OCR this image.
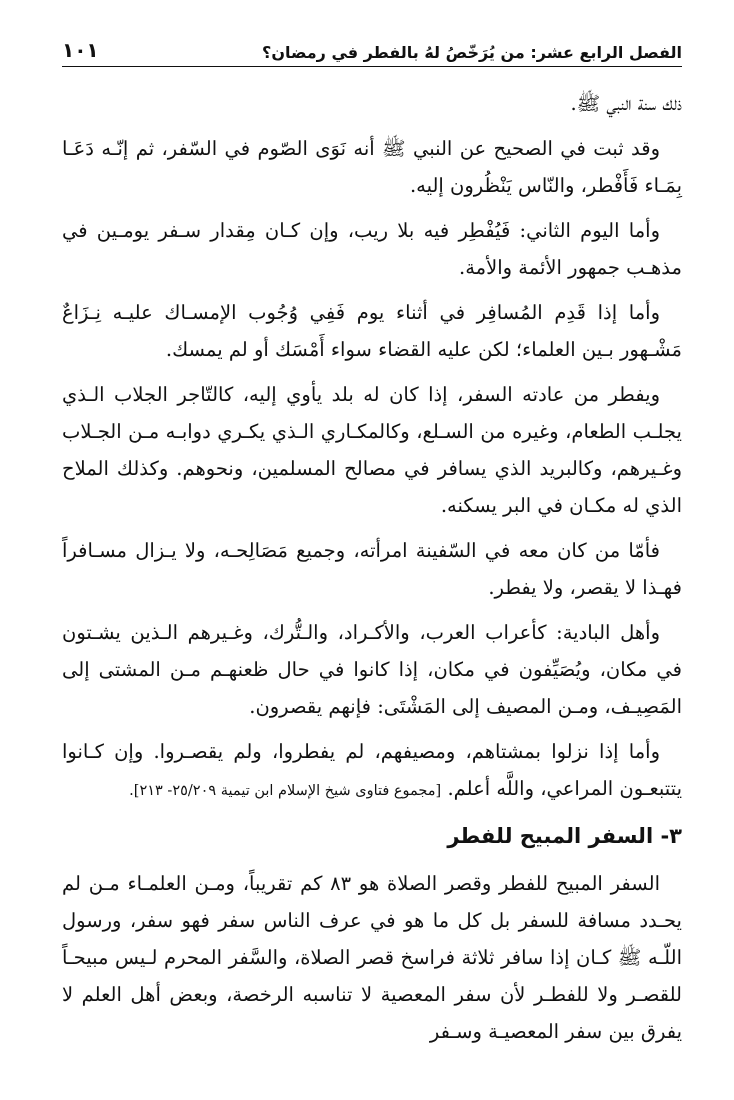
الفصل الرابع عشر: من يُرَخّصُ لهُ بالفطر في رمضان؟
١٠١

ذلك سنة النبي ﷺ.

وقد ثبت في الصحيح عن النبي ﷺ أنه نَوَى الصّوم في السّفر، ثم إنّـه دَعَـا بِمَـاء فَأَفْطر، والنّاس يَنْظُرون إليه.

وأما اليوم الثاني: فَيُفْطِر فيه بلا ريب، وإن كـان مِقدار سـفر يومـين في مذهـب جمهور الأئمة والأمة.

وأما إذا قَدِم المُسافِر في أثناء يوم فَفِي وُجُوب الإمسـاك عليـه نِـزَاعٌ مَشْـهور بـين العلماء؛ لكن عليه القضاء سواء أَمْسَك أو لم يمسك.

ويفطر من عادته السفر، إذا كان له بلد يأوي إليه، كالتّاجر الجلاب الـذي يجلـب الطعام، وغيره من السـلع، وكالمكـاري الـذي يكـري دوابـه مـن الجـلاب وغـيرهم، وكالبريد الذي يسافر في مصالح المسلمين، ونحوهم. وكذلك الملاح الذي له مكـان في البر يسكنه.

فأمّا من كان معه في السّفينة امرأته، وجميع مَصَالِحـه، ولا يـزال مسـافراً فهـذا لا يقصر، ولا يفطر.

وأهل البادية: كأعراب العرب، والأكـراد، والـتُّرك، وغـيرهم الـذين يشـتون في مكان، ويُصَيِّفون في مكان، إذا كانوا في حال ظعنهـم مـن المشتى إلى المَصِيـف، ومـن المصيف إلى المَشْتَى: فإنهم يقصرون.

وأما إذا نزلوا بمشتاهم، ومصيفهم، لم يفطروا، ولم يقصـروا. وإن كـانوا يتتبعـون المراعي، واللَّه أعلم. [مجموع فتاوى شيخ الإسلام ابن تيمية ٢٥/٢٠٩- ٢١٣].

٣- السفر المبيح للفطر

السفر المبيح للفطر وقصر الصلاة هو ٨٣ كم تقريباً، ومـن العلمـاء مـن لم يحـدد مسافة للسفر بل كل ما هو في عرف الناس سفر فهو سفر، ورسول اللّـه ﷺ كـان إذا سافر ثلاثة فراسخ قصر الصلاة، والسَّفر المحرم لـيس مبيحـاً للقصـر ولا للفطـر لأن سفر المعصية لا تناسبه الرخصة، وبعض أهل العلم لا يفرق بين سفر المعصيـة وسـفر
